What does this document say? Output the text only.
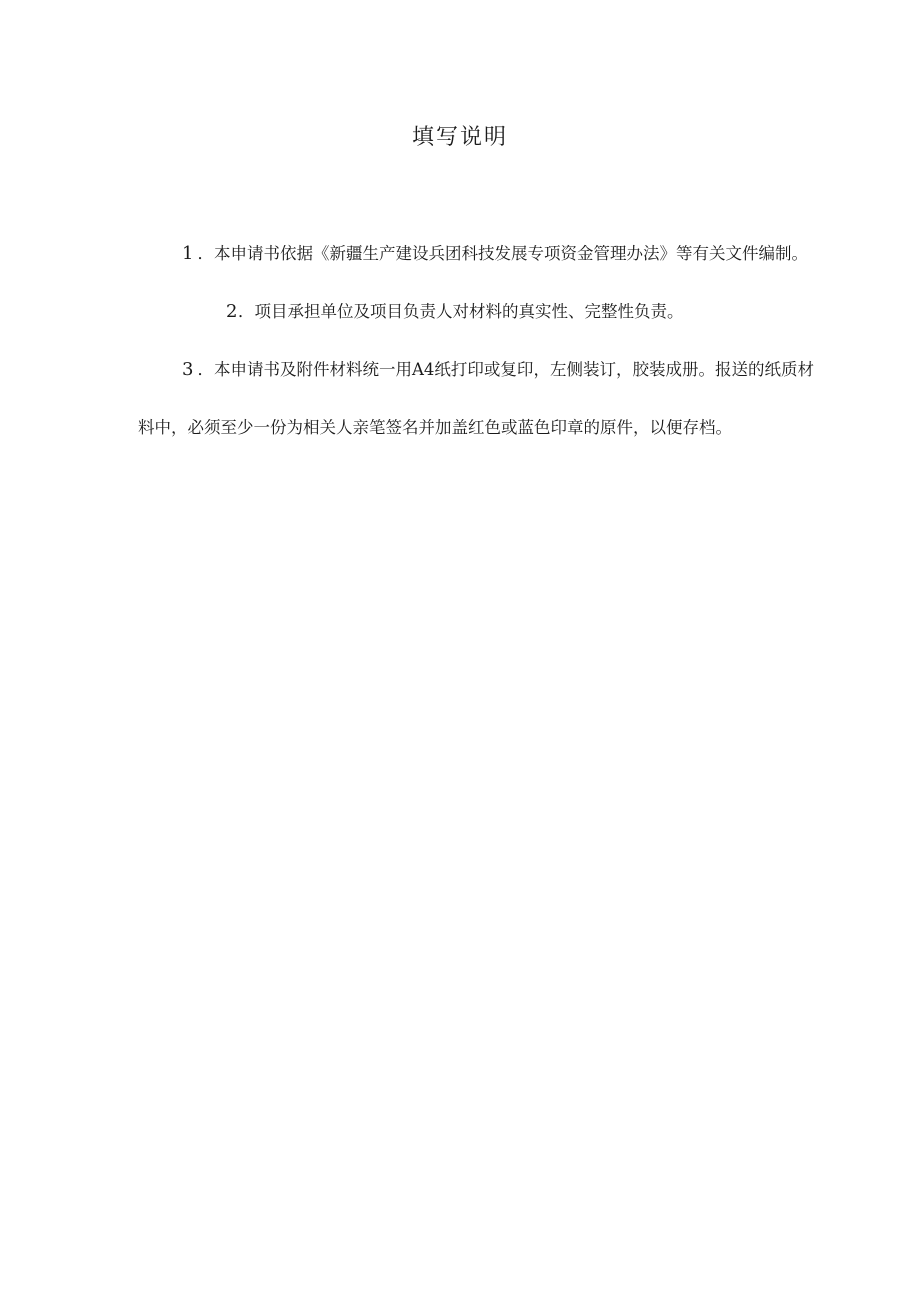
填写说明

1．本申请书依据《新疆生产建设兵团科技发展专项资金管理办法》等有关文件编制。

2．项目承担单位及项目负责人对材料的真实性、完整性负责。

3．本申请书及附件材料统一用A4纸打印或复印，左侧装订，胶装成册。报送的纸质材料中，必须至少一份为相关人亲笔签名并加盖红色或蓝色印章的原件，以便存档。
